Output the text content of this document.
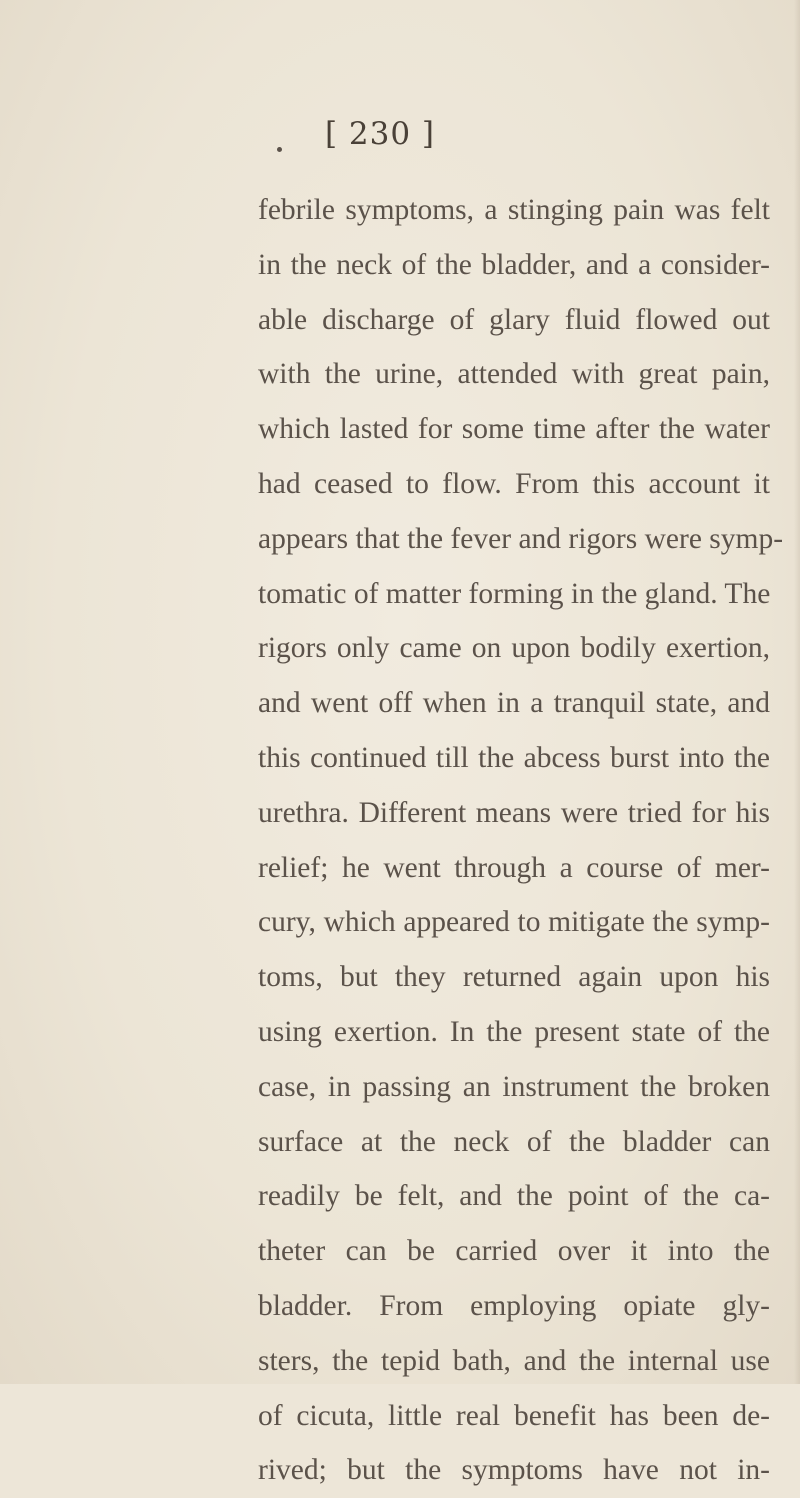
[ 230 ]
febrile symptoms, a stinging pain was felt
in the neck of the bladder, and a consider-
able discharge of glary fluid flowed out
with the urine, attended with great pain,
which lasted for some time after the water
had ceased to flow. From this account it
appears that the fever and rigors were symp-
tomatic of matter forming in the gland. The
rigors only came on upon bodily exertion,
and went off when in a tranquil state, and
this continued till the abcess burst into the
urethra. Different means were tried for his
relief; he went through a course of mer-
cury, which appeared to mitigate the symp-
toms, but they returned again upon his
using exertion. In the present state of the
case, in passing an instrument the broken
surface at the neck of the bladder can
readily be felt, and the point of the ca-
theter can be carried over it into the
bladder. From employing opiate gly-
sters, the tepid bath, and the internal use
of cicuta, little real benefit has been de-
rived; but the symptoms have not in-
